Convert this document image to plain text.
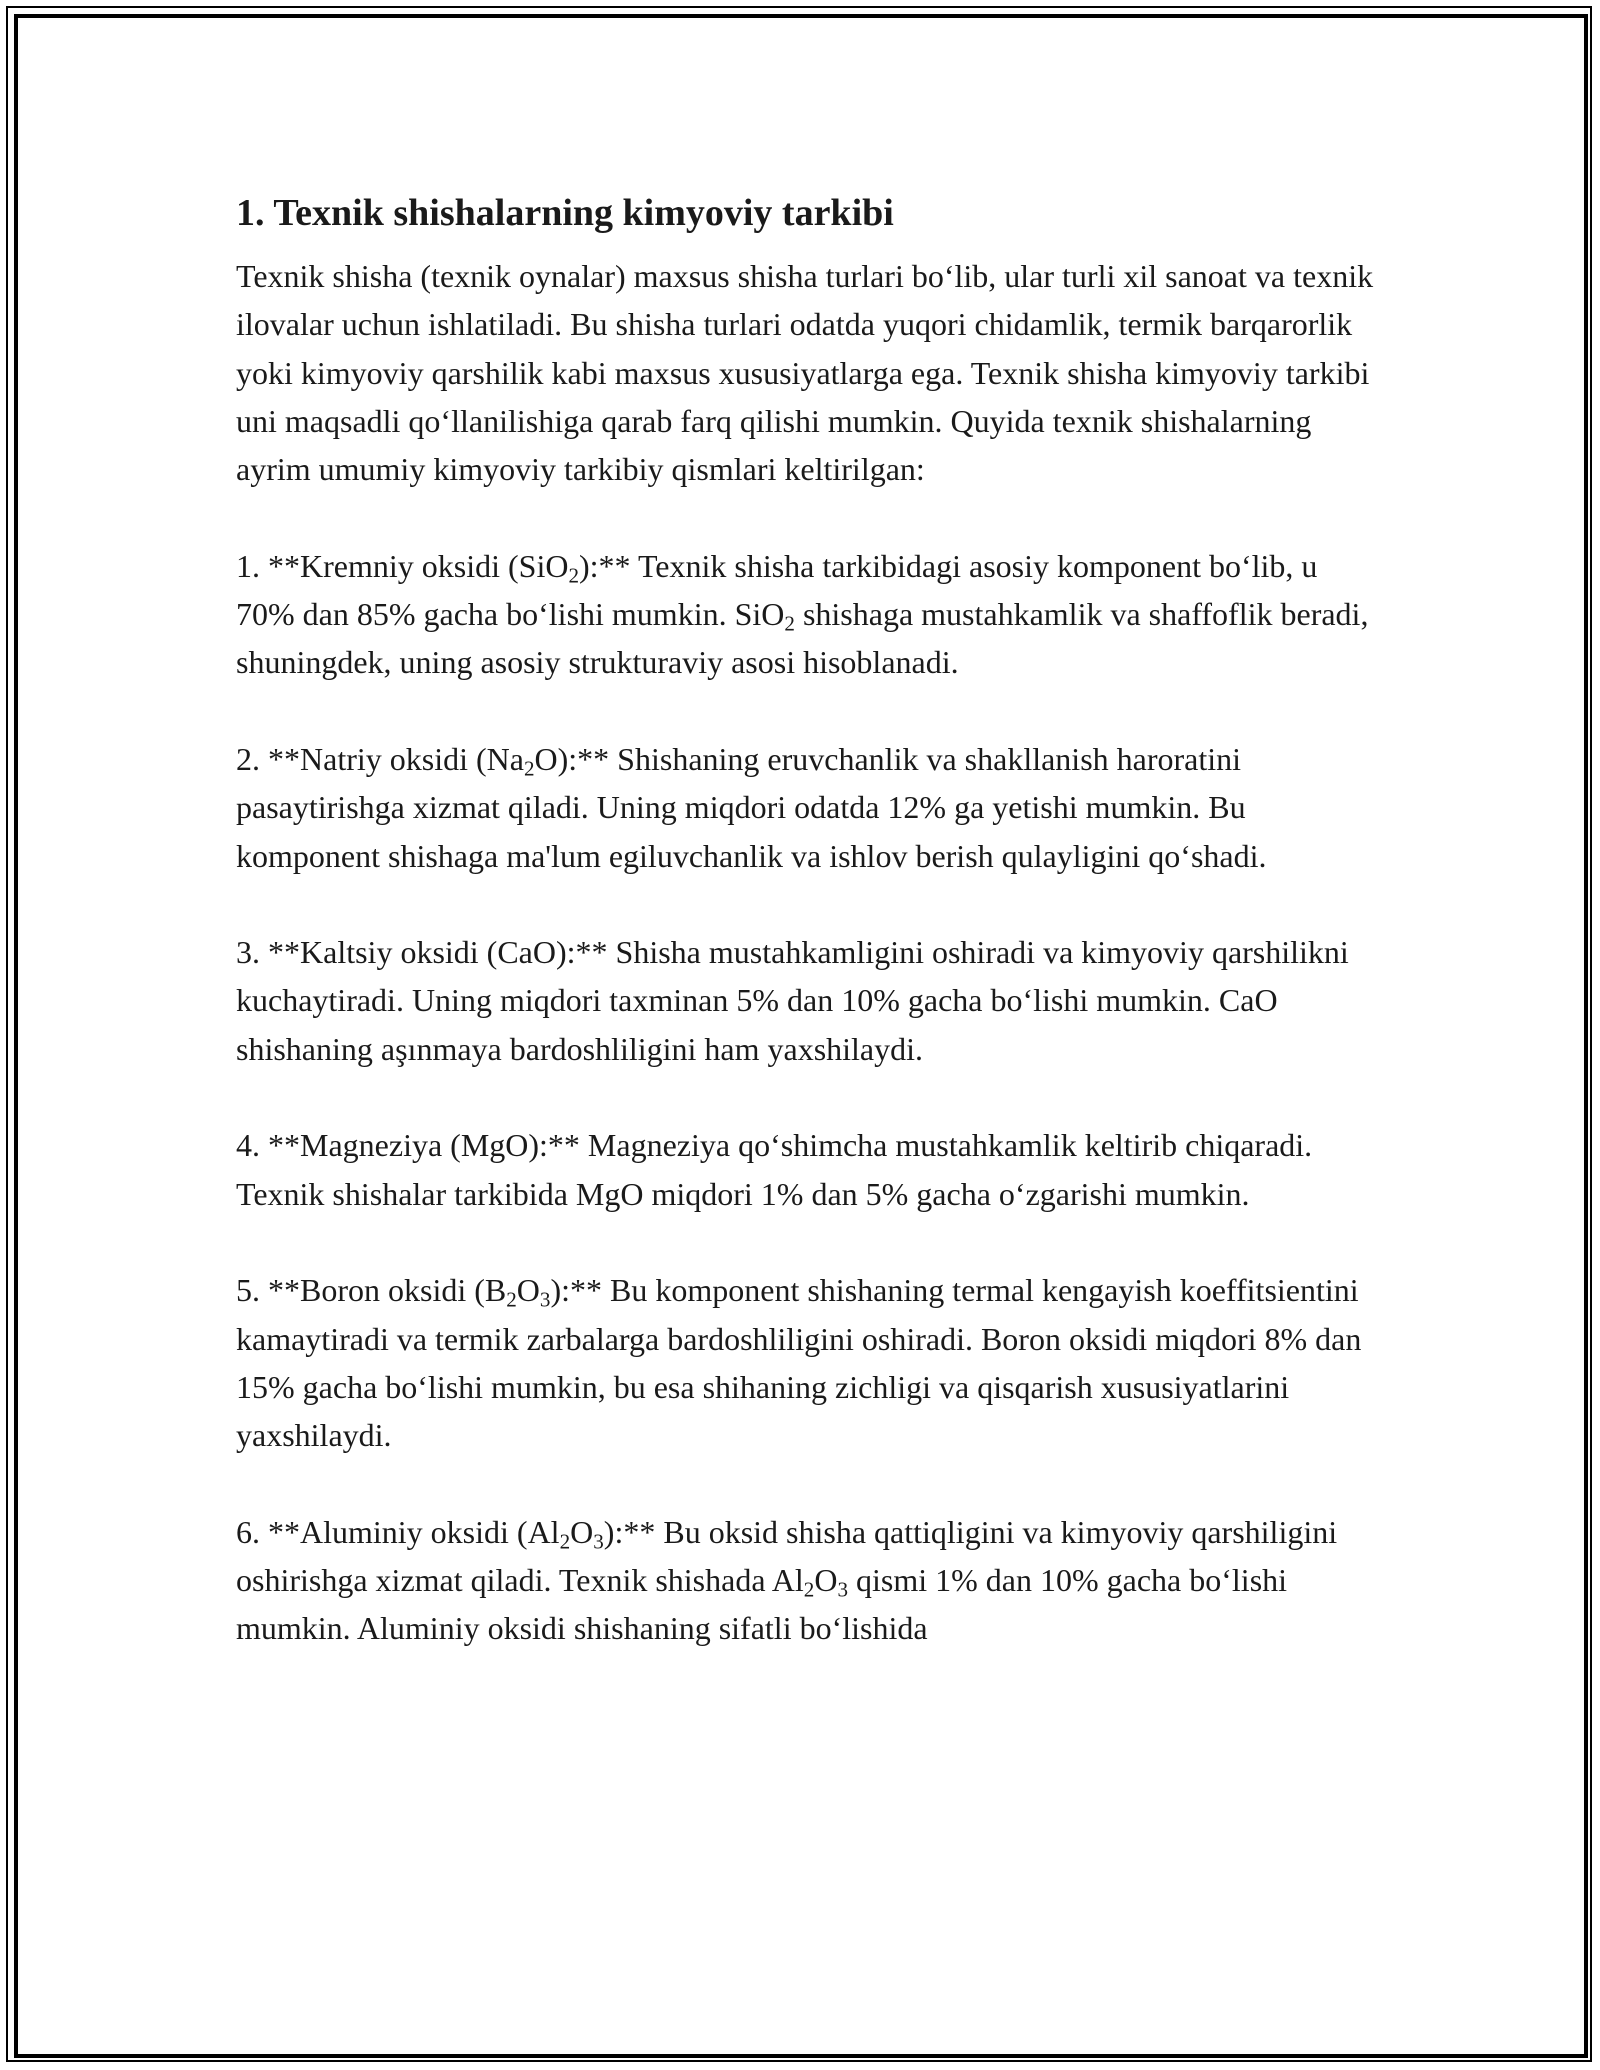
1. Texnik shishalarning kimyoviy tarkibi

Texnik shisha (texnik oynalar) maxsus shisha turlari bo‘lib, ular turli xil sanoat va texnik ilovalar uchun ishlatiladi. Bu shisha turlari odatda yuqori chidamlik, termik barqarorlik yoki kimyoviy qarshilik kabi maxsus xususiyatlarga ega. Texnik shisha kimyoviy tarkibi uni maqsadli qo‘llanilishiga qarab farq qilishi mumkin. Quyida texnik shishalarning ayrim umumiy kimyoviy tarkibiy qismlari keltirilgan:

1. **Kremniy oksidi (SiO$_2$):** Texnik shisha tarkibidagi asosiy komponent bo‘lib, u 70% dan 85% gacha bo‘lishi mumkin. SiO$_2$ shishaga mustahkamlik va shaffoflik beradi, shuningdek, uning asosiy strukturaviy asosi hisoblanadi.

2. **Natriy oksidi $(Na_2O):**$ Shishaning eruvchanlik va shakllanish haroratini pasaytirishga xizmat qiladi. Uning miqdori odatda 12% ga yetishi mumkin. Bu komponent shishaga ma'lum egiluvchanlik va ishlov berish qulayligini qo‘shadi.

3. **Kaltsiy oksidi (CaO):** Shisha mustahkamligini oshiradi va kimyoviy qarshilikni kuchaytiradi. Uning miqdori taxminan 5% dan 10% gacha bo‘lishi mumkin. CaO shishaning aşınmaya bardoshliligini ham yaxshilaydi.

4. **Magneziya (MgO):** Magneziya qo‘shimcha mustahkamlik keltirib chiqaradi. Texnik shishalar tarkibida MgO miqdori 1% dan 5% gacha o‘zgarishi mumkin.

5. **Boron oksidi $(B_2O_3):**$ Bu komponent shishaning termal kengayish koeffitsientini kamaytiradi va termik zarbalarga bardoshliligini oshiradi. Boron oksidi miqdori 8% dan 15% gacha bo‘lishi mumkin, bu esa shihaning zichligi va qisqarish xususiyatlarini yaxshilaydi.

6. **Aluminiy oksidi $(Al_2O_3):**$ Bu oksid shisha qattiqligini va kimyoviy qarshiligini oshirishga xizmat qiladi. Texnik shishada $Al_2O_3$ qismi 1% dan 10% gacha bo‘lishi mumkin. Aluminiy oksidi shishaning sifatli bo‘lishida
